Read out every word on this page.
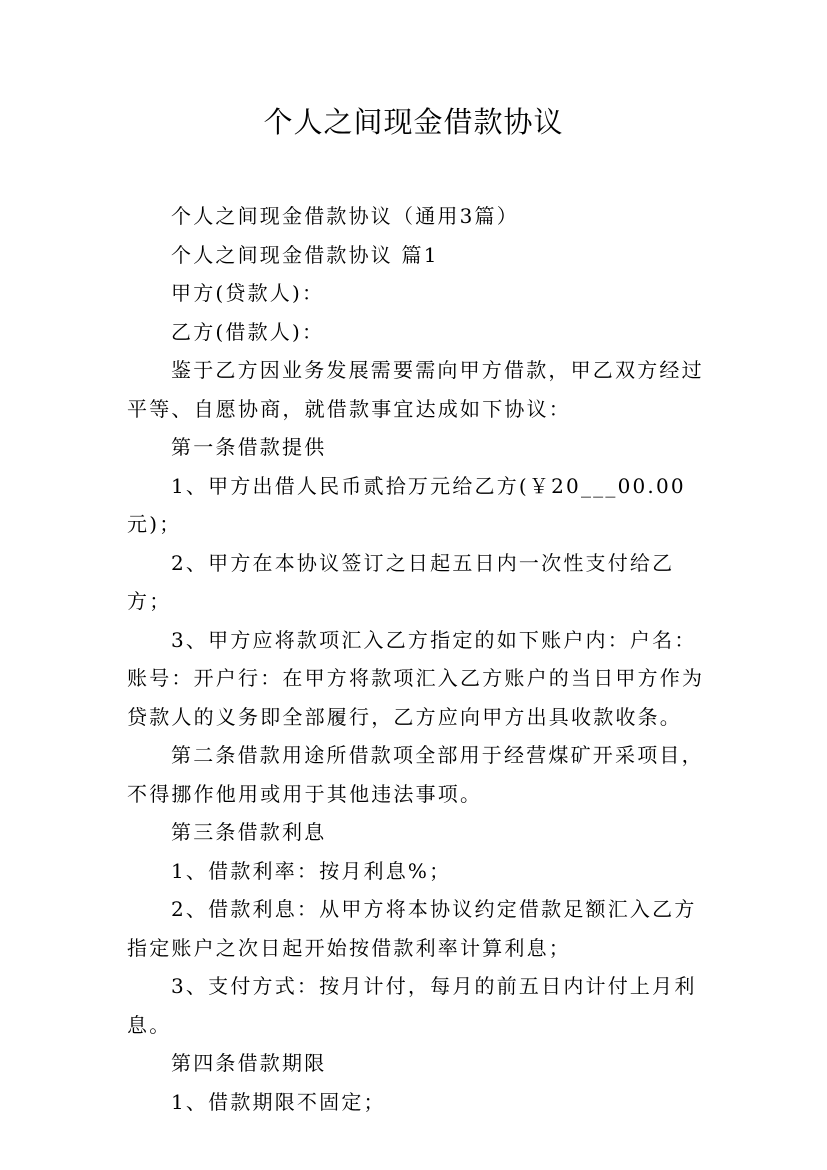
个人之间现金借款协议

个人之间现金借款协议（通用3篇）

个人之间现金借款协议 篇1

甲方(贷款人)：

乙方(借款人)：

鉴于乙方因业务发展需要需向甲方借款，甲乙双方经过平等、自愿协商，就借款事宜达成如下协议：

第一条借款提供

1、甲方出借人民币贰拾万元给乙方(￥20___00.00元)；

2、甲方在本协议签订之日起五日内一次性支付给乙方；

3、甲方应将款项汇入乙方指定的如下账户内：户名：账号：开户行：在甲方将款项汇入乙方账户的当日甲方作为贷款人的义务即全部履行，乙方应向甲方出具收款收条。

第二条借款用途所借款项全部用于经营煤矿开采项目，不得挪作他用或用于其他违法事项。

第三条借款利息

1、借款利率：按月利息%；

2、借款利息：从甲方将本协议约定借款足额汇入乙方指定账户之次日起开始按借款利率计算利息；

3、支付方式：按月计付，每月的前五日内计付上月利息。

第四条借款期限

1、借款期限不固定；
